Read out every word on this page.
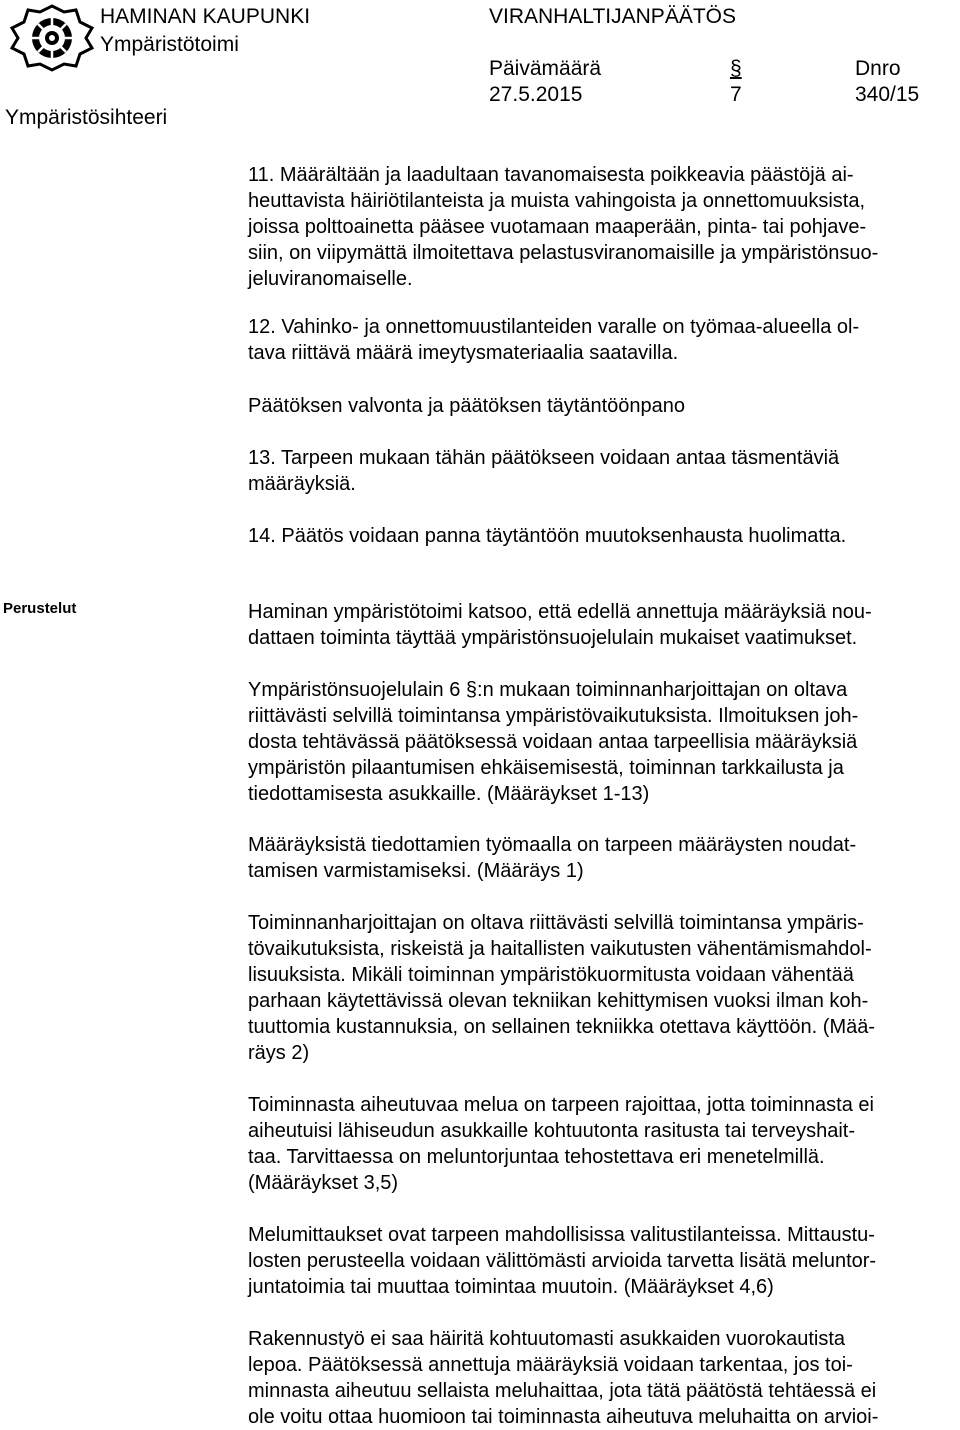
HAMINAN KAUPUNKI
Ympäristötoimi
Ympäristösihteeri
VIRANHALTIJANPÄÄTÖS
Päivämäärä
27.5.2015
§
7
Dnro
340/15
Perustelut
11. Määrältään ja laadultaan tavanomaisesta poikkeavia päästöjä ai-
heuttavista häiriötilanteista ja muista vahingoista ja onnettomuuksista,
joissa polttoainetta pääsee vuotamaan maaperään, pinta- tai pohjave-
siin, on viipymättä ilmoitettava pelastusviranomaisille ja ympäristönsuo-
jeluviranomaiselle.
12. Vahinko- ja onnettomuustilanteiden varalle on työmaa-alueella ol-
tava riittävä määrä imeytysmateriaalia saatavilla.
Päätöksen valvonta ja päätöksen täytäntöönpano
13. Tarpeen mukaan tähän päätökseen voidaan antaa täsmentäviä
määräyksiä.
14. Päätös voidaan panna täytäntöön muutoksenhausta huolimatta.
Haminan ympäristötoimi katsoo, että edellä annettuja määräyksiä nou-
dattaen toiminta täyttää ympäristönsuojelulain mukaiset vaatimukset.
Ympäristönsuojelulain 6 §:n mukaan toiminnanharjoittajan on oltava
riittävästi selvillä toimintansa ympäristövaikutuksista. Ilmoituksen joh-
dosta tehtävässä päätöksessä voidaan antaa tarpeellisia määräyksiä
ympäristön pilaantumisen ehkäisemisestä, toiminnan tarkkailusta ja
tiedottamisesta asukkaille. (Määräykset 1-13)
Määräyksistä tiedottamien työmaalla on tarpeen määräysten noudat-
tamisen varmistamiseksi. (Määräys 1)
Toiminnanharjoittajan on oltava riittävästi selvillä toimintansa ympäris-
tövaikutuksista, riskeistä ja haitallisten vaikutusten vähentämismahdol-
lisuuksista. Mikäli toiminnan ympäristökuormitusta voidaan vähentää
parhaan käytettävissä olevan tekniikan kehittymisen vuoksi ilman koh-
tuuttomia kustannuksia, on sellainen tekniikka otettava käyttöön. (Mää-
räys 2)
Toiminnasta aiheutuvaa melua on tarpeen rajoittaa, jotta toiminnasta ei
aiheutuisi lähiseudun asukkaille kohtuutonta rasitusta tai terveyshait-
taa. Tarvittaessa on meluntorjuntaa tehostettava eri menetelmillä.
(Määräykset 3,5)
Melumittaukset ovat tarpeen mahdollisissa valitustilanteissa. Mittaustu-
losten perusteella voidaan välittömästi arvioida tarvetta lisätä meluntor-
juntatoimia tai muuttaa toimintaa muutoin. (Määräykset 4,6)
Rakennustyö ei saa häiritä kohtuutomasti asukkaiden vuorokautista
lepoa. Päätöksessä annettuja määräyksiä voidaan tarkentaa, jos toi-
minnasta aiheutuu sellaista meluhaittaa, jota tätä päätöstä tehtäessä ei
ole voitu ottaa huomioon tai toiminnasta aiheutuva meluhaitta on arvioi-
